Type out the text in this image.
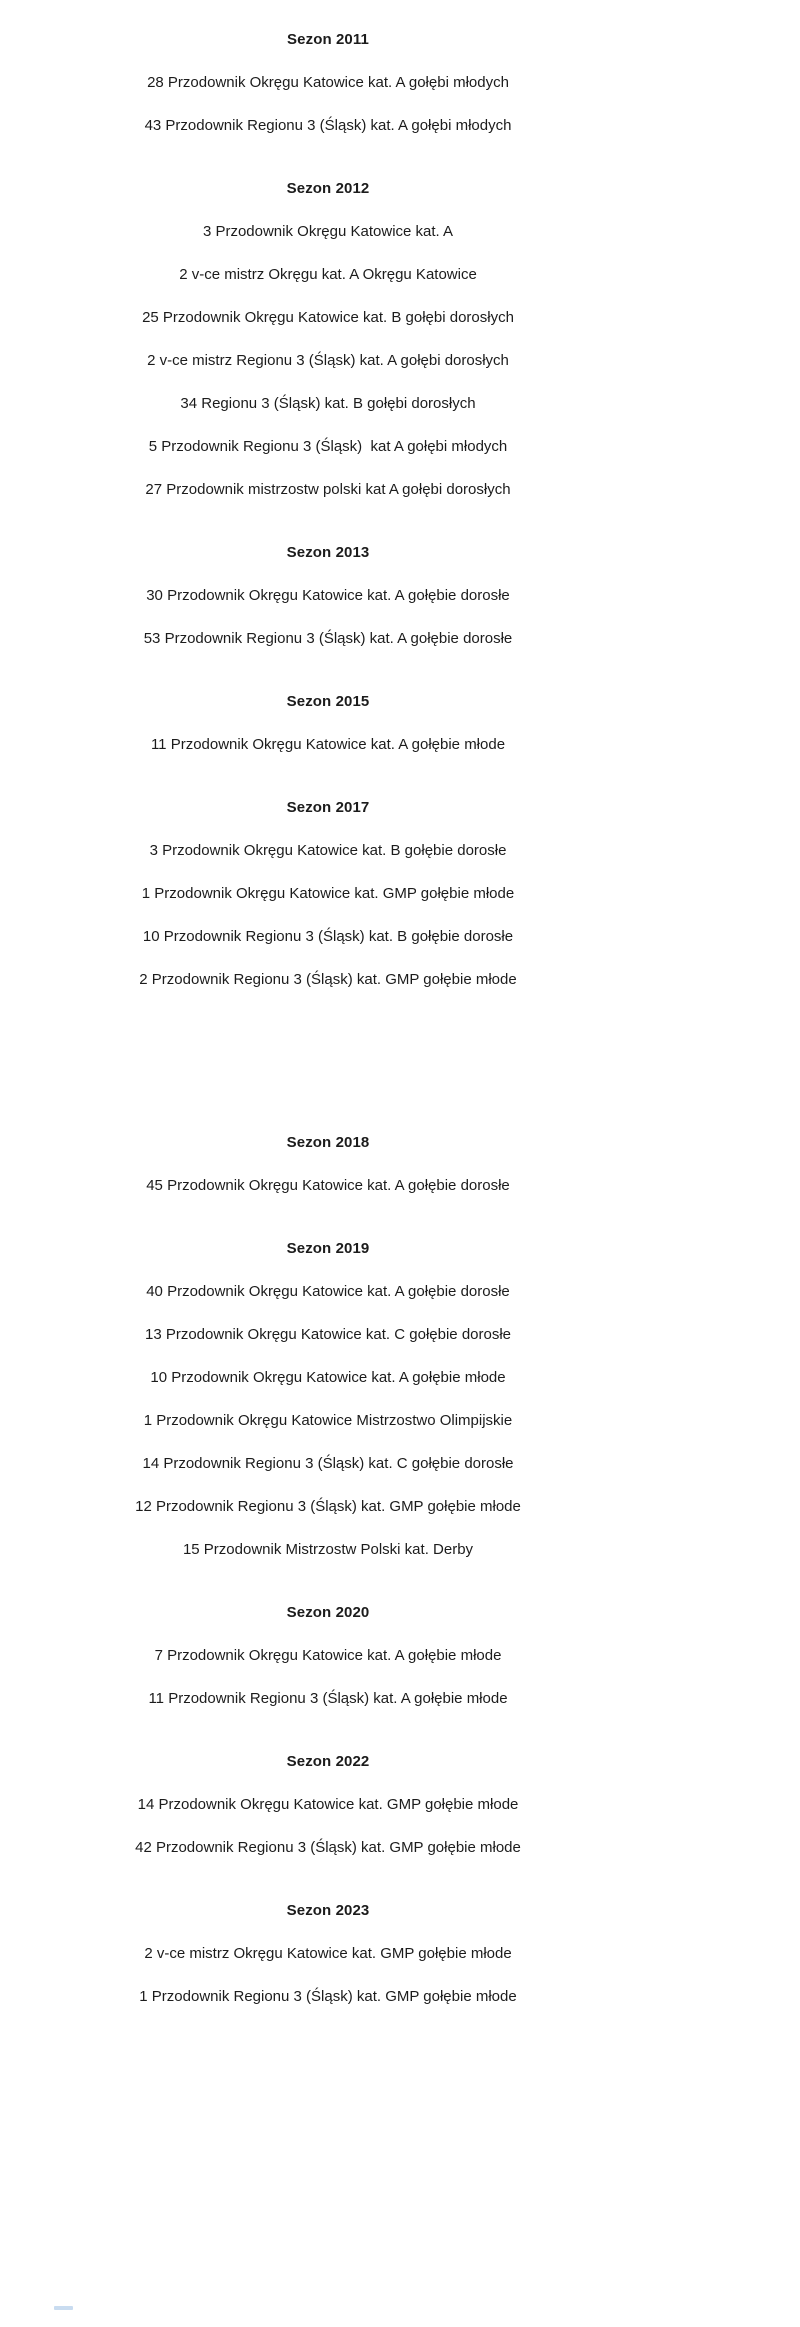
Sezon 2011

28 Przodownik Okręgu Katowice kat. A gołębi młodych

43 Przodownik Regionu 3 (Śląsk) kat. A gołębi młodych

Sezon 2012

3 Przodownik Okręgu Katowice kat. A

2 v-ce mistrz Okręgu kat. A Okręgu Katowice

25 Przodownik Okręgu Katowice kat. B gołębi dorosłych

2 v-ce mistrz Regionu 3 (Śląsk) kat. A gołębi dorosłych

34 Regionu 3 (Śląsk) kat. B gołębi dorosłych

5 Przodownik Regionu 3 (Śląsk)  kat A gołębi młodych

27 Przodownik mistrzostw polski kat A gołębi dorosłych

Sezon 2013

30 Przodownik Okręgu Katowice kat. A gołębie dorosłe

53 Przodownik Regionu 3 (Śląsk) kat. A gołębie dorosłe

Sezon 2015

11 Przodownik Okręgu Katowice kat. A gołębie młode

Sezon 2017

3 Przodownik Okręgu Katowice kat. B gołębie dorosłe

1 Przodownik Okręgu Katowice kat. GMP gołębie młode

10 Przodownik Regionu 3 (Śląsk) kat. B gołębie dorosłe

2 Przodownik Regionu 3 (Śląsk) kat. GMP gołębie młode

Sezon 2018

45 Przodownik Okręgu Katowice kat. A gołębie dorosłe

Sezon 2019

40 Przodownik Okręgu Katowice kat. A gołębie dorosłe

13 Przodownik Okręgu Katowice kat. C gołębie dorosłe

10 Przodownik Okręgu Katowice kat. A gołębie młode

1 Przodownik Okręgu Katowice Mistrzostwo Olimpijskie

14 Przodownik Regionu 3 (Śląsk) kat. C gołębie dorosłe

12 Przodownik Regionu 3 (Śląsk) kat. GMP gołębie młode

15 Przodownik Mistrzostw Polski kat. Derby

Sezon 2020

7 Przodownik Okręgu Katowice kat. A gołębie młode

11 Przodownik Regionu 3 (Śląsk) kat. A gołębie młode

Sezon 2022

14 Przodownik Okręgu Katowice kat. GMP gołębie młode

42 Przodownik Regionu 3 (Śląsk) kat. GMP gołębie młode

Sezon 2023

2 v-ce mistrz Okręgu Katowice kat. GMP gołębie młode

1 Przodownik Regionu 3 (Śląsk) kat. GMP gołębie młode
